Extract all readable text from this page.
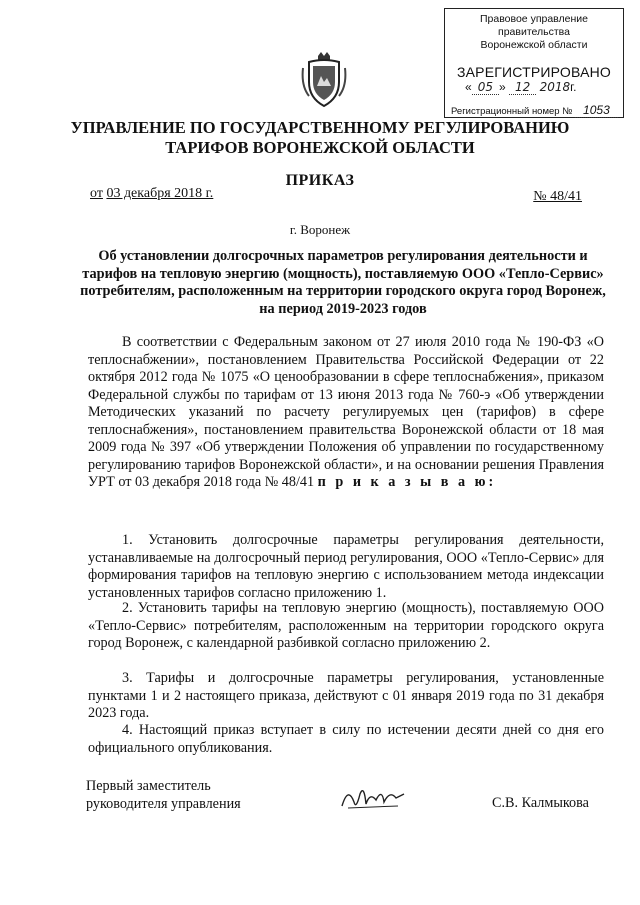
Правовое управление правительства
Воронежской области
ЗАРЕГИСТРИРОВАНО
« 05 » 12 2018г.
Регистрационный номер № 1053
УПРАВЛЕНИЕ ПО ГОСУДАРСТВЕННОМУ РЕГУЛИРОВАНИЮ
ТАРИФОВ ВОРОНЕЖСКОЙ ОБЛАСТИ
ПРИКАЗ
от 03 декабря 2018 г.	№ 48/41
г. Воронеж
Об установлении долгосрочных параметров регулирования деятельности и тарифов на тепловую энергию (мощность), поставляемую ООО «Тепло-Сервис» потребителям, расположенным на территории городского округа город Воронеж, на период 2019-2023 годов

В соответствии с Федеральным законом от 27 июля 2010 года № 190-ФЗ «О теплоснабжении», постановлением Правительства Российской Федерации от 22 октября 2012 года № 1075 «О ценообразовании в сфере теплоснабжения», приказом Федеральной службы по тарифам от 13 июня 2013 года № 760-э «Об утверждении Методических указаний по расчету регулируемых цен (тарифов) в сфере теплоснабжения», постановлением правительства Воронежской области от 18 мая 2009 года № 397 «Об утверждении Положения об управлении по государственному регулированию тарифов Воронежской области», и на основании решения Правления УРТ от 03 декабря 2018 года № 48/41 п р и к а з ы в а ю:

1. Установить долгосрочные параметры регулирования деятельности, устанавливаемые на долгосрочный период регулирования, ООО «Тепло-Сервис» для формирования тарифов на тепловую энергию с использованием метода индексации установленных тарифов согласно приложению 1.

2. Установить тарифы на тепловую энергию (мощность), поставляемую ООО «Тепло-Сервис» потребителям, расположенным на территории городского округа город Воронеж, с календарной разбивкой согласно приложению 2.

3. Тарифы и долгосрочные параметры регулирования, установленные пунктами 1 и 2 настоящего приказа, действуют с 01 января 2019 года по 31 декабря 2023 года.

4. Настоящий приказ вступает в силу по истечении десяти дней со дня его официального опубликования.

Первый заместитель
руководителя управления	С.В. Калмыкова
